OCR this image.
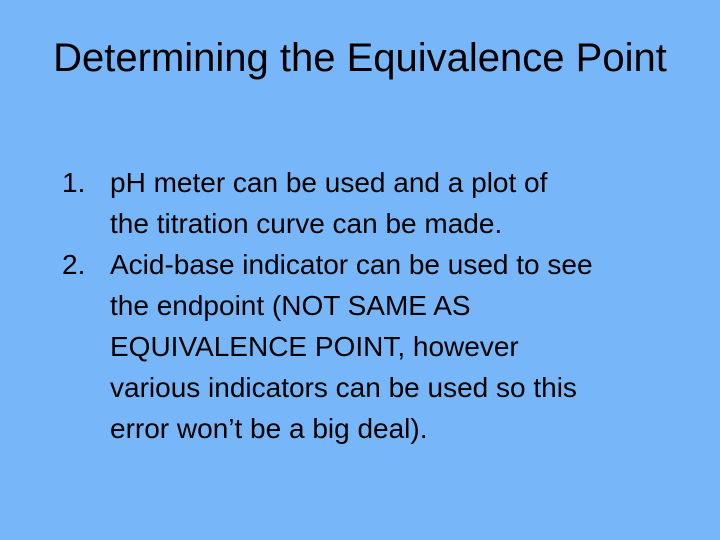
Determining the Equivalence Point
1. pH meter can be used and a plot of
the titration curve can be made.
2. Acid-base indicator can be used to see
the endpoint (NOT SAME AS
EQUIVALENCE POINT, however
various indicators can be used so this
error won’t be a big deal).
